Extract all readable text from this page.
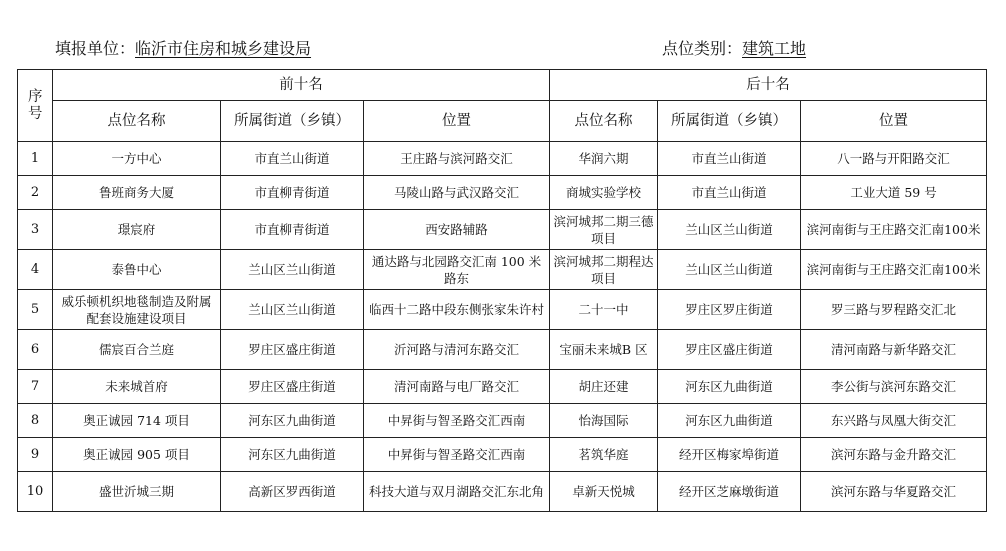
填报单位：临沂市住房和城乡建设局	点位类别：建筑工地
序号	前十名			后十名		
	点位名称	所属街道（乡镇）	位置	点位名称	所属街道（乡镇）	位置
1	一方中心	市直兰山街道	王庄路与滨河路交汇	华润六期	市直兰山街道	八一路与开阳路交汇
2	鲁班商务大厦	市直柳青街道	马陵山路与武汉路交汇	商城实验学校	市直兰山街道	工业大道 59 号
3	璟宸府	市直柳青街道	西安路辅路	滨河城邦二期三德项目	兰山区兰山街道	滨河南街与王庄路交汇南100米
4	泰鲁中心	兰山区兰山街道	通达路与北园路交汇南 100 米路东	滨河城邦二期程达项目	兰山区兰山街道	滨河南街与王庄路交汇南100米
5	威乐顿机织地毯制造及附属配套设施建设项目	兰山区兰山街道	临西十二路中段东侧张家朱许村	二十一中	罗庄区罗庄街道	罗三路与罗程路交汇北
6	儒宸百合兰庭	罗庄区盛庄街道	沂河路与清河东路交汇	宝丽未来城B 区	罗庄区盛庄街道	清河南路与新华路交汇
7	未来城首府	罗庄区盛庄街道	清河南路与电厂路交汇	胡庄还建	河东区九曲街道	李公街与滨河东路交汇
8	奥正诚园 714 项目	河东区九曲街道	中昇街与智圣路交汇西南	怡海国际	河东区九曲街道	东兴路与凤凰大街交汇
9	奥正诚园 905 项目	河东区九曲街道	中昇街与智圣路交汇西南	茗筑华庭	经开区梅家埠街道	滨河东路与金升路交汇
10	盛世沂城三期	高新区罗西街道	科技大道与双月湖路交汇东北角	卓新天悦城	经开区芝麻墩街道	滨河东路与华夏路交汇
